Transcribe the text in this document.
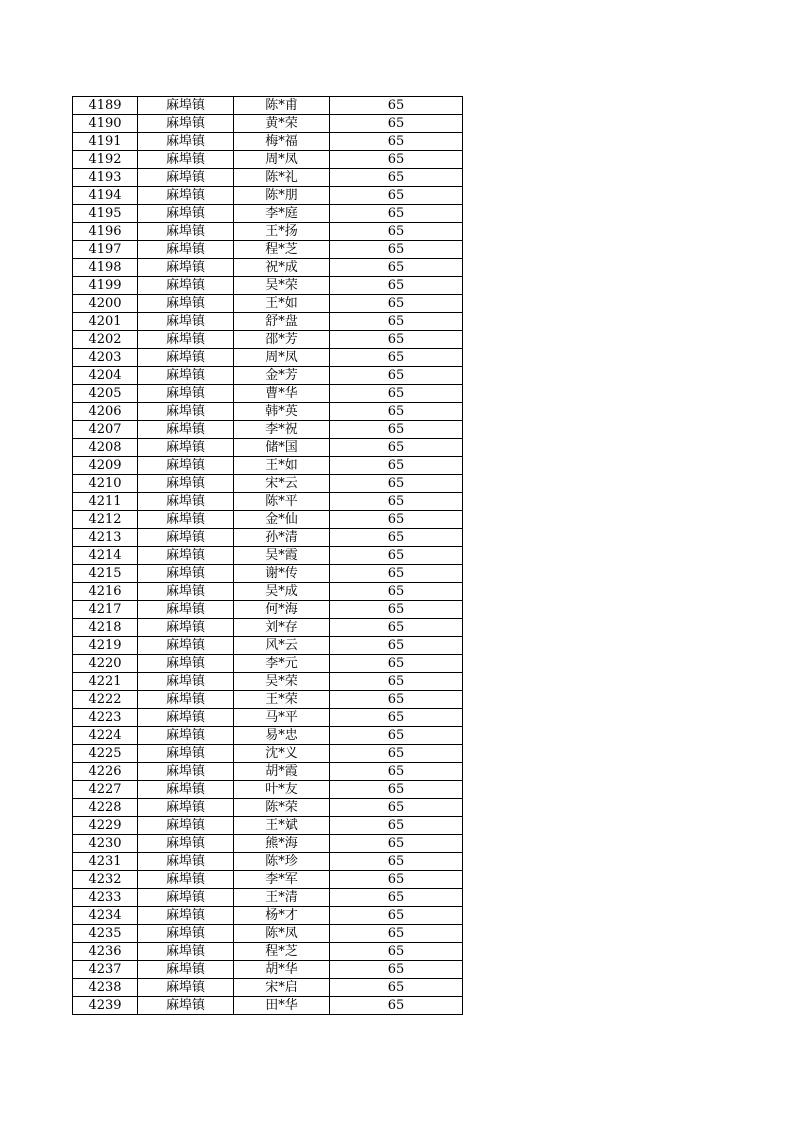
4189	麻埠镇	陈*甫	65
4190	麻埠镇	黄*荣	65
4191	麻埠镇	梅*福	65
4192	麻埠镇	周*凤	65
4193	麻埠镇	陈*礼	65
4194	麻埠镇	陈*朋	65
4195	麻埠镇	李*庭	65
4196	麻埠镇	王*扬	65
4197	麻埠镇	程*芝	65
4198	麻埠镇	祝*成	65
4199	麻埠镇	吴*荣	65
4200	麻埠镇	王*如	65
4201	麻埠镇	舒*盘	65
4202	麻埠镇	邵*芳	65
4203	麻埠镇	周*凤	65
4204	麻埠镇	金*芳	65
4205	麻埠镇	曹*华	65
4206	麻埠镇	韩*英	65
4207	麻埠镇	李*祝	65
4208	麻埠镇	储*国	65
4209	麻埠镇	王*如	65
4210	麻埠镇	宋*云	65
4211	麻埠镇	陈*平	65
4212	麻埠镇	金*仙	65
4213	麻埠镇	孙*清	65
4214	麻埠镇	吴*霞	65
4215	麻埠镇	谢*传	65
4216	麻埠镇	吴*成	65
4217	麻埠镇	何*海	65
4218	麻埠镇	刘*存	65
4219	麻埠镇	风*云	65
4220	麻埠镇	李*元	65
4221	麻埠镇	吴*荣	65
4222	麻埠镇	王*荣	65
4223	麻埠镇	马*平	65
4224	麻埠镇	易*忠	65
4225	麻埠镇	沈*义	65
4226	麻埠镇	胡*霞	65
4227	麻埠镇	叶*友	65
4228	麻埠镇	陈*荣	65
4229	麻埠镇	王*斌	65
4230	麻埠镇	熊*海	65
4231	麻埠镇	陈*珍	65
4232	麻埠镇	李*军	65
4233	麻埠镇	王*清	65
4234	麻埠镇	杨*才	65
4235	麻埠镇	陈*凤	65
4236	麻埠镇	程*芝	65
4237	麻埠镇	胡*华	65
4238	麻埠镇	宋*启	65
4239	麻埠镇	田*华	65
